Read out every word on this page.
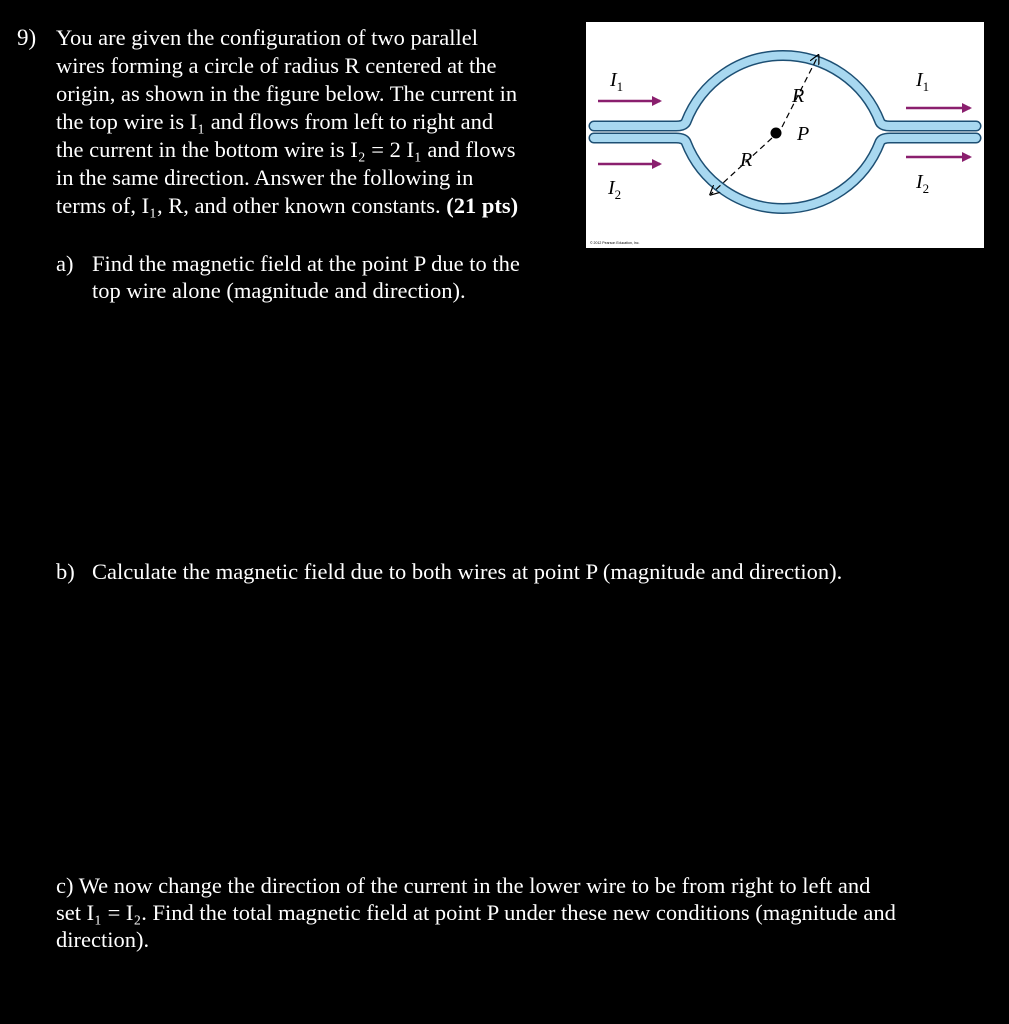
9) You are given the configuration of two parallel
wires forming a circle of radius R centered at the
origin, as shown in the figure below. The current in
the top wire is I₁ and flows from left to right and
the current in the bottom wire is I₂ = 2 I₁ and flows
in the same direction. Answer the following in
terms of, I₁, R, and other known constants. (21 pts)
$I_1$
$I_2$
$I_1$
$I_2$
R
R
P
© 2012 Pearson Education, Inc.
a) Find the magnetic field at the point P due to the
top wire alone (magnitude and direction).
b) Calculate the magnetic field due to both wires at point P (magnitude and direction).
c) We now change the direction of the current in the lower wire to be from right to left and
set I₁ = I₂. Find the total magnetic field at point P under these new conditions (magnitude and
direction).
